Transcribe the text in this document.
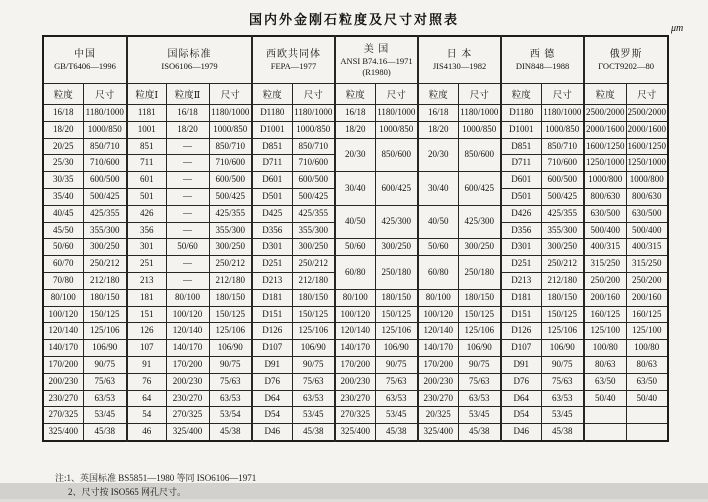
国内外金刚石粒度及尺寸对照表
μm
中国
GB/T6406—1996

国际标准
ISO6106—1979

西欧共同体
FEPA—1977

美 国
ANSI B74.16—1971
(R1980)

日 本
JIS4130—1982

西 德
DIN848—1988

俄罗斯
ГОСТ9202—80

粒度	尺寸	粒度Ⅰ	粒度Ⅱ	尺寸	粒度	尺寸	粒度	尺寸	粒度	尺寸	粒度	尺寸	粒度	尺寸
16/18	1180/1000	1181	16/18	1180/1000	D1180	1180/1000	16/18	1180/1000	16/18	1180/1000	D1180	1180/1000	2500/2000	2500/2000
18/20	1000/850	1001	18/20	1000/850	D1001	1000/850	18/20	1000/850	18/20	1000/850	D1001	1000/850	2000/1600	2000/1600
20/25	850/710	851	—	850/710	D851	850/710	20/30	850/600	20/30	850/600	D851	850/710	1600/1250	1600/1250
25/30	710/600	711	—	710/600	D711	710/600					D711	710/600	1250/1000	1250/1000
30/35	600/500	601	—	600/500	D601	600/500	30/40	600/425	30/40	600/425	D601	600/500	1000/800	1000/800
35/40	500/425	501	—	500/425	D501	500/425					D501	500/425	800/630	800/630
40/45	425/355	426	—	425/355	D425	425/355	40/50	425/300	40/50	425/300	D426	425/355	630/500	630/500
45/50	355/300	356	—	355/300	D356	355/300					D356	355/300	500/400	500/400
50/60	300/250	301	50/60	300/250	D301	300/250	50/60	300/250	50/60	300/250	D301	300/250	400/315	400/315
60/70	250/212	251	—	250/212	D251	250/212	60/80	250/180	60/80	250/180	D251	250/212	315/250	315/250
70/80	212/180	213	—	212/180	D213	212/180					D213	212/180	250/200	250/200
80/100	180/150	181	80/100	180/150	D181	180/150	80/100	180/150	80/100	180/150	D181	180/150	200/160	200/160
100/120	150/125	151	100/120	150/125	D151	150/125	100/120	150/125	100/120	150/125	D151	150/125	160/125	160/125
120/140	125/106	126	120/140	125/106	D126	125/106	120/140	125/106	120/140	125/106	D126	125/106	125/100	125/100
140/170	106/90	107	140/170	106/90	D107	106/90	140/170	106/90	140/170	106/90	D107	106/90	100/80	100/80
170/200	90/75	91	170/200	90/75	D91	90/75	170/200	90/75	170/200	90/75	D91	90/75	80/63	80/63
200/230	75/63	76	200/230	75/63	D76	75/63	200/230	75/63	200/230	75/63	D76	75/63	63/50	63/50
230/270	63/53	64	230/270	63/53	D64	63/53	230/270	63/53	230/270	63/53	D64	63/53	50/40	50/40
270/325	53/45	54	270/325	53/54	D54	53/45	270/325	53/45	20/325	53/45	D54	53/45		
325/400	45/38	46	325/400	45/38	D46	45/38	325/400	45/38	325/400	45/38	D46	45/38		
注:1、英国标准 BS5851—1980 等同 ISO6106—1971
2、尺寸按 ISO565 网孔尺寸。
